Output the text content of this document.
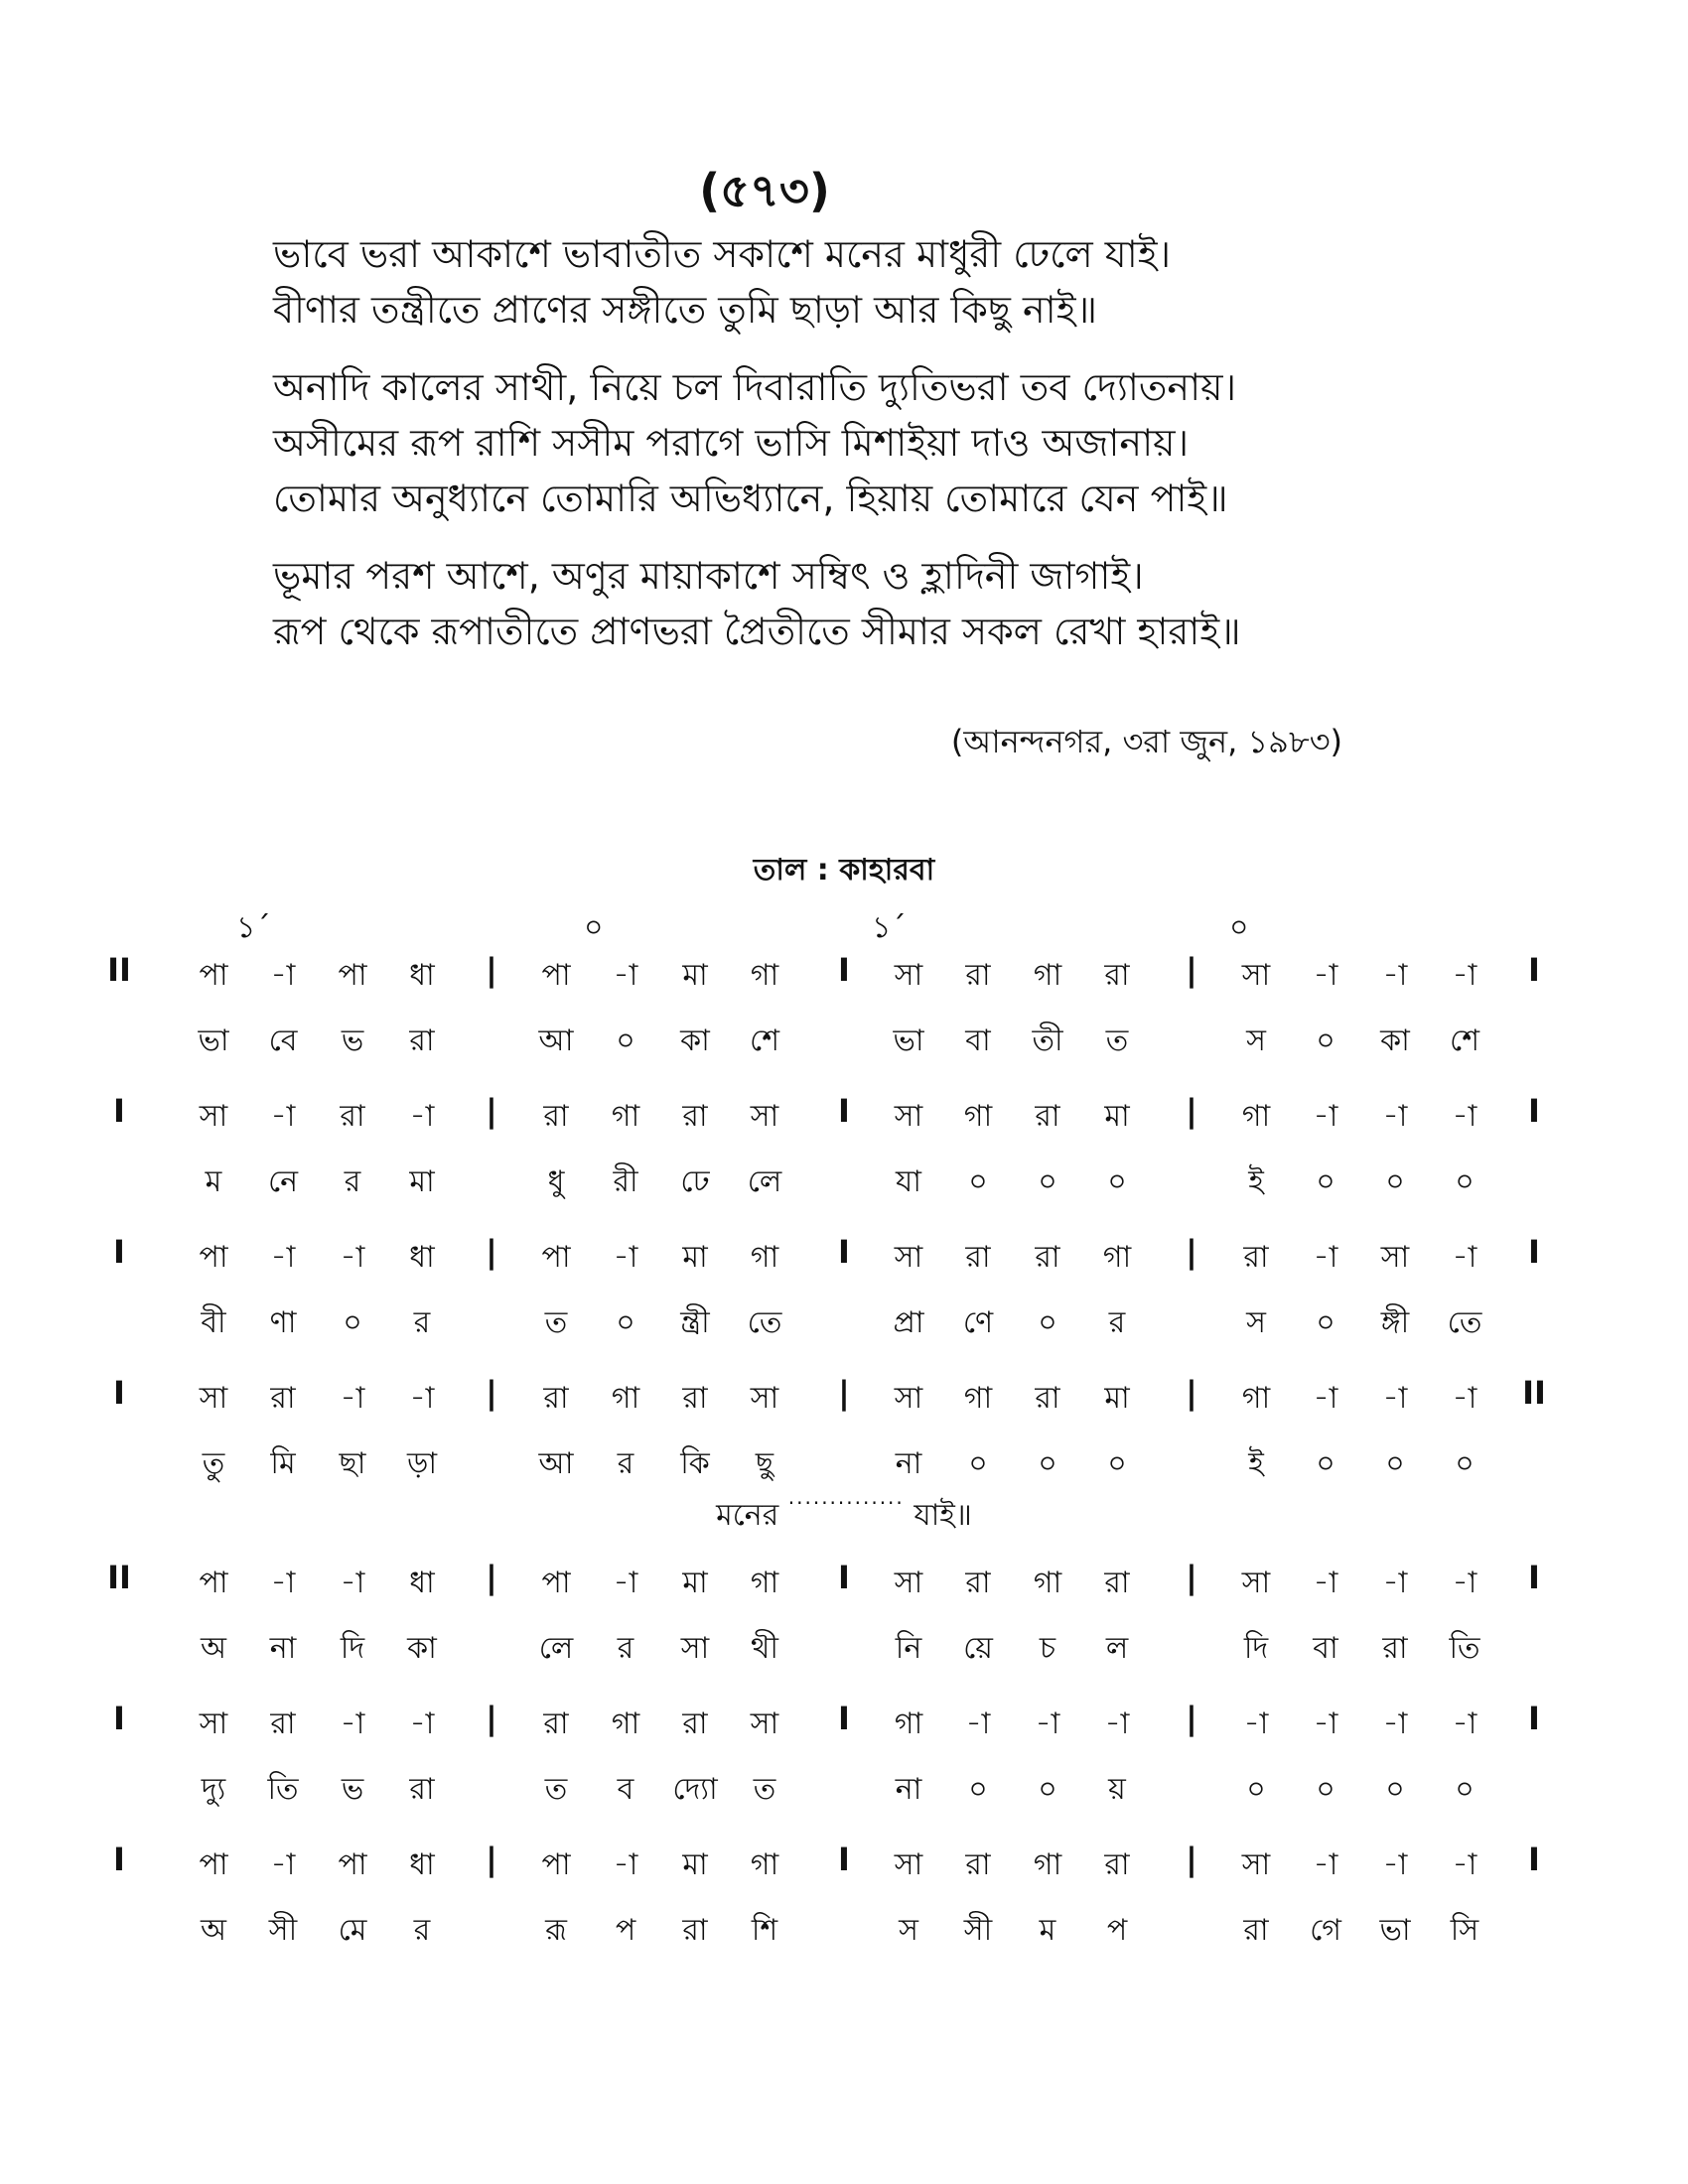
(৫৭৩)
ভাবে ভরা আকাশে ভাবাতীত সকাশে মনের মাধুরী ঢেলে যাই।
বীণার তন্ত্রীতে প্রাণের সঙ্গীতে তুমি ছাড়া আর কিছু নাই॥
অনাদি কালের সাথী, নিয়ে চল দিবারাতি দ্যুতিভরা তব দ্যোতনায়।
অসীমের রূপ রাশি সসীম পরাগে ভাসি মিশাইয়া দাও অজানায়।
তোমার অনুধ্যানে তোমারি অভিধ্যানে, হিয়ায় তোমারে যেন পাই॥
ভূমার পরশ আশে, অণুর মায়াকাশে সম্বিৎ ও হ্লাদিনী জাগাই।
রূপ থেকে রূপাতীতে প্রাণভরা প্রৈতীতে সীমার সকল রেখা হারাই॥
(আনন্দনগর, ৩রা জুন, ১৯৮৩)
তাল : কাহারবা
১´	০	১´	০
II	|	I	|	I
পা	-া	পা	ধা	পা	-া	মা	গা	সা	রা	গা	রা	সা	-া	-া	-া
ভা	বে	ভ	রা	আ	০	কা	শে	ভা	বা	তী	ত	স	০	কা	শে
I	|	I	|	I
সা	-া	রা	-া	রা	গা	রা	সা	সা	গা	রা	মা	গা	-া	-া	-া
ম	নে	র	মা	ধু	রী	ঢে	লে	যা	০	০	০	ই	০	০	০
I	|	I	|	I
পা	-া	-া	ধা	পা	-া	মা	গা	সা	রা	রা	গা	রা	-া	সা	-া
বী	ণা	০	র	ত	০	ন্ত্রী	তে	প্রা	ণে	০	র	স	০	ঙ্গী	তে
I	|	|	|	II
সা	রা	-া	-া	রা	গা	রা	সা	সা	গা	রা	মা	গা	-া	-া	-া
তু	মি	ছা	ড়া	আ	র	কি	ছু	না	০	০	০	ই	০	০	০
মনের ·············· যাই॥
II	|	I	|	I
পা	-া	-া	ধা	পা	-া	মা	গা	সা	রা	গা	রা	সা	-া	-া	-া
অ	না	দি	কা	লে	র	সা	থী	নি	য়ে	চ	ল	দি	বা	রা	তি
I	|	I	|	I
সা	রা	-া	-া	রা	গা	রা	সা	গা	-া	-া	-া	-া	-া	-া	-া
দ্যু	তি	ভ	রা	ত	ব	দ্যো	ত	না	০	০	য়	০	০	০	০
I	|	I	|	I
পা	-া	পা	ধা	পা	-া	মা	গা	সা	রা	গা	রা	সা	-া	-া	-া
অ	সী	মে	র	রূ	প	রা	শি	স	সী	ম	প	রা	গে	ভা	সি
